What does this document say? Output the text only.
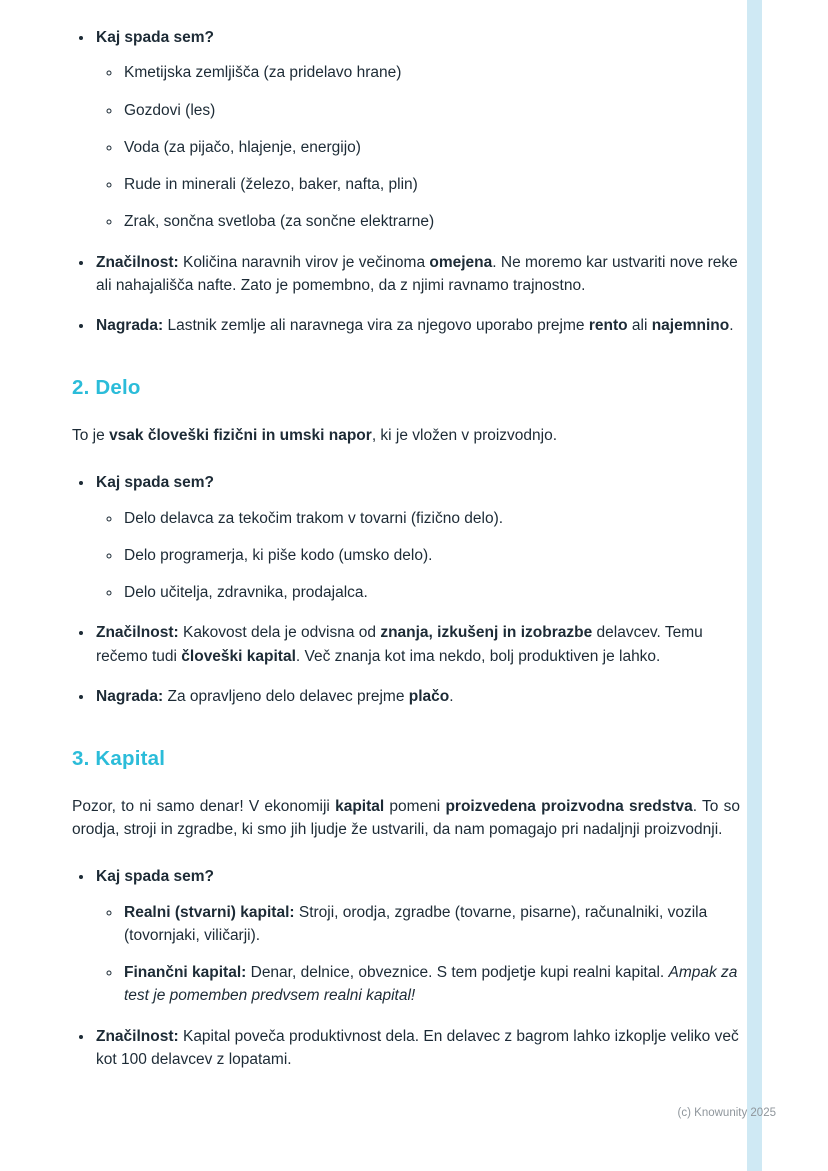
• Kaj spada sem?
◦ Kmetijska zemljišča (za pridelavo hrane)
◦ Gozdovi (les)
◦ Voda (za pijačo, hlajenje, energijo)
◦ Rude in minerali (železo, baker, nafta, plin)
◦ Zrak, sončna svetloba (za sončne elektrarne)
• Značilnost: Količina naravnih virov je večinoma omejena. Ne moremo kar ustvariti nove reke ali nahajališča nafte. Zato je pomembno, da z njimi ravnamo trajnostno.
• Nagrada: Lastnik zemlje ali naravnega vira za njegovo uporabo prejme rento ali najemnino.
2. Delo

To je vsak človeški fizični in umski napor, ki je vložen v proizvodnjo.

• Kaj spada sem?
◦ Delo delavca za tekočim trakom v tovarni (fizično delo).
◦ Delo programerja, ki piše kodo (umsko delo).
◦ Delo učitelja, zdravnika, prodajalca.
• Značilnost: Kakovost dela je odvisna od znanja, izkušenj in izobrazbe delavcev. Temu rečemo tudi človeški kapital. Več znanja kot ima nekdo, bolj produktiven je lahko.
• Nagrada: Za opravljeno delo delavec prejme plačo.
3. Kapital

Pozor, to ni samo denar! V ekonomiji kapital pomeni proizvedena proizvodna sredstva. To so orodja, stroji in zgradbe, ki smo jih ljudje že ustvarili, da nam pomagajo pri nadaljnji proizvodnji.

• Kaj spada sem?
◦ Realni (stvarni) kapital: Stroji, orodja, zgradbe (tovarne, pisarne), računalniki, vozila (tovornjaki, viličarji).
◦ Finančni kapital: Denar, delnice, obveznice. S tem podjetje kupi realni kapital. Ampak za test je pomemben predvsem realni kapital!
• Značilnost: Kapital poveča produktivnost dela. En delavec z bagrom lahko izkoplje veliko več kot 100 delavcev z lopatami.
(c) Knowunity 2025
